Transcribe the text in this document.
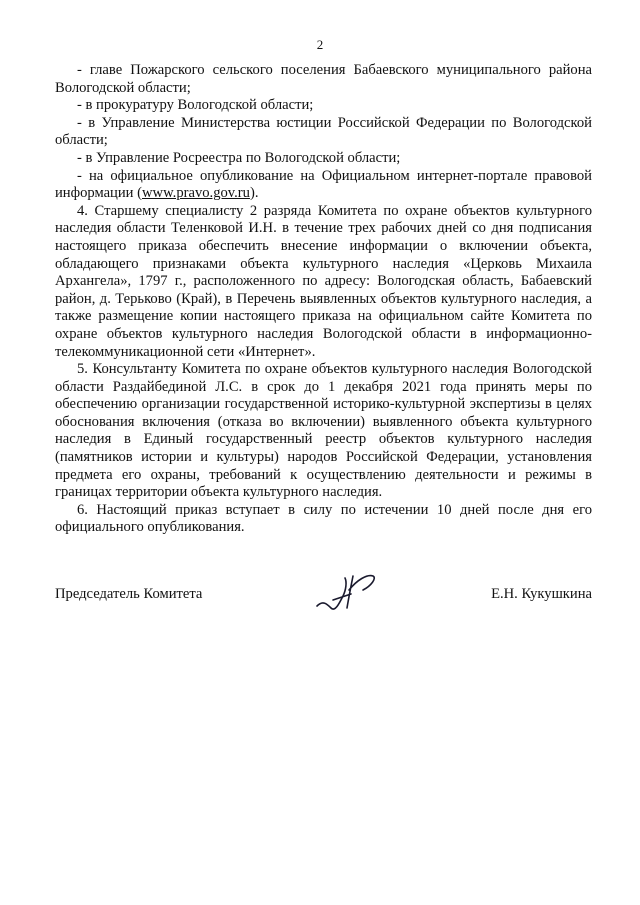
2

- главе Пожарского сельского поселения Бабаевского муниципального района Вологодской области;

- в прокуратуру Вологодской области;

- в Управление Министерства юстиции Российской Федерации по Вологодской области;

- в Управление Росреестра по Вологодской области;

- на официальное опубликование на Официальном интернет-портале правовой информации (www.pravo.gov.ru).

4. Старшему специалисту 2 разряда Комитета по охране объектов культурного наследия области Теленковой И.Н. в течение трех рабочих дней со дня подписания настоящего приказа обеспечить внесение информации о включении объекта, обладающего признаками объекта культурного наследия «Церковь Михаила Архангела», 1797 г., расположенного по адресу: Вологодская область, Бабаевский район, д. Терьково (Край), в Перечень выявленных объектов культурного наследия, а также размещение копии настоящего приказа на официальном сайте Комитета по охране объектов культурного наследия Вологодской области в информационно-телекоммуникационной сети «Интернет».

5. Консультанту Комитета по охране объектов культурного наследия Вологодской области Раздайбединой Л.С. в срок до 1 декабря 2021 года принять меры по обеспечению организации государственной историко-культурной экспертизы в целях обоснования включения (отказа во включении) выявленного объекта культурного наследия в Единый государственный реестр объектов культурного наследия (памятников истории и культуры) народов Российской Федерации, установления предмета его охраны, требований к осуществлению деятельности и режимы в границах территории объекта культурного наследия.

6. Настоящий приказ вступает в силу по истечении 10 дней после дня его официального опубликования.

Председатель Комитета	Е.Н. Кукушкина
